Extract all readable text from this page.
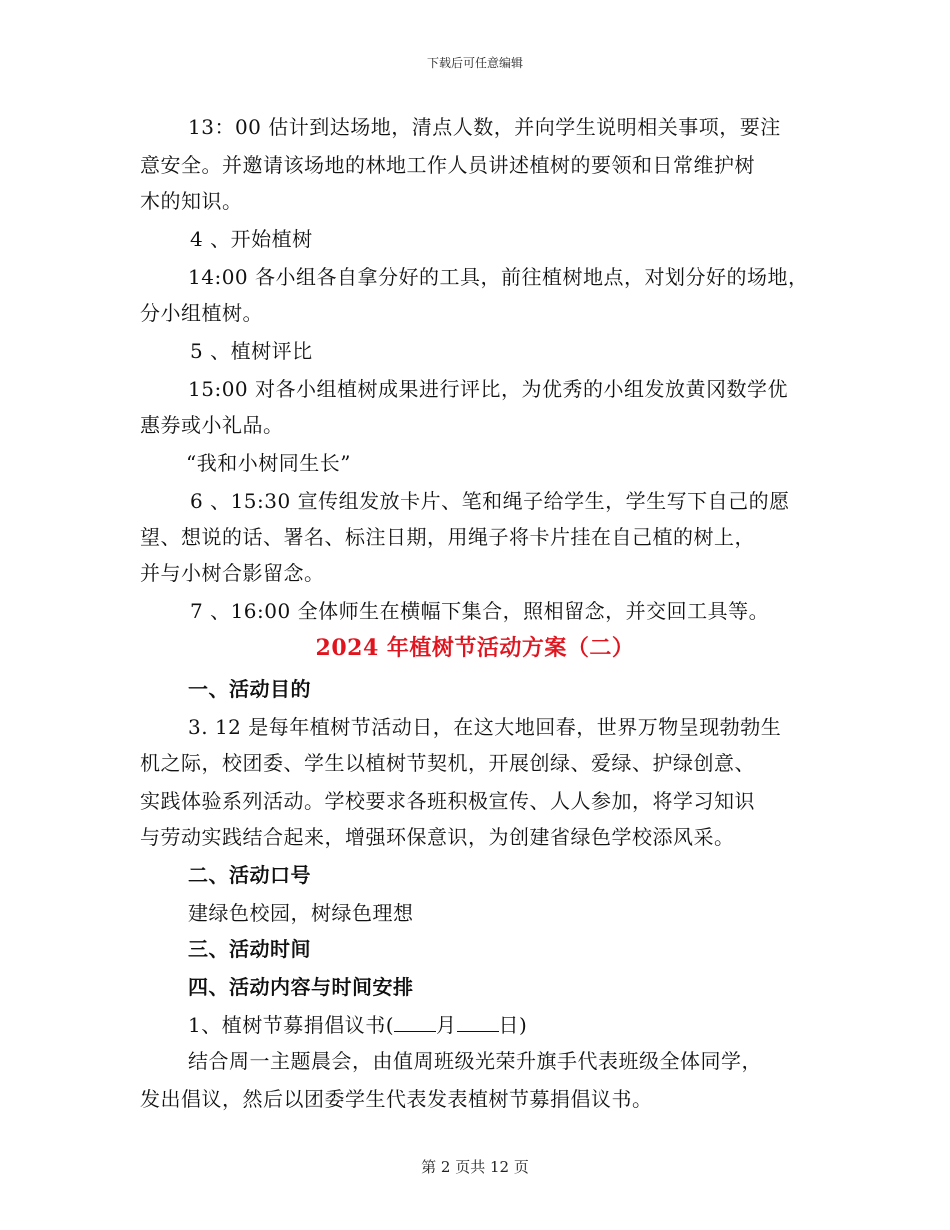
下载后可任意编辑
13：00 估计到达场地，清点人数，并向学生说明相关事项，要注
意安全。并邀请该场地的林地工作人员讲述植树的要领和日常维护树
木的知识。
4 、开始植树
14:00 各小组各自拿分好的工具，前往植树地点，对划分好的场地，
分小组植树。
5 、植树评比
15:00 对各小组植树成果进行评比，为优秀的小组发放黄冈数学优
惠券或小礼品。
“我和小树同生长”
6 、15:30 宣传组发放卡片、笔和绳子给学生，学生写下自己的愿
望、想说的话、署名、标注日期，用绳子将卡片挂在自己植的树上，
并与小树合影留念。
7 、16:00 全体师生在横幅下集合，照相留念，并交回工具等。
2024 年植树节活动方案（二）
一、活动目的
3. 12 是每年植树节活动日，在这大地回春，世界万物呈现勃勃生
机之际，校团委、学生以植树节契机，开展创绿、爱绿、护绿创意、
实践体验系列活动。学校要求各班积极宣传、人人参加，将学习知识
与劳动实践结合起来，增强环保意识，为创建省绿色学校添风采。
二、活动口号
建绿色校园，树绿色理想
三、活动时间
四、活动内容与时间安排
1、植树节募捐倡议书( 月 日)
结合周一主题晨会，由值周班级光荣升旗手代表班级全体同学，
发出倡议，然后以团委学生代表发表植树节募捐倡议书。
第 2 页共 12 页
